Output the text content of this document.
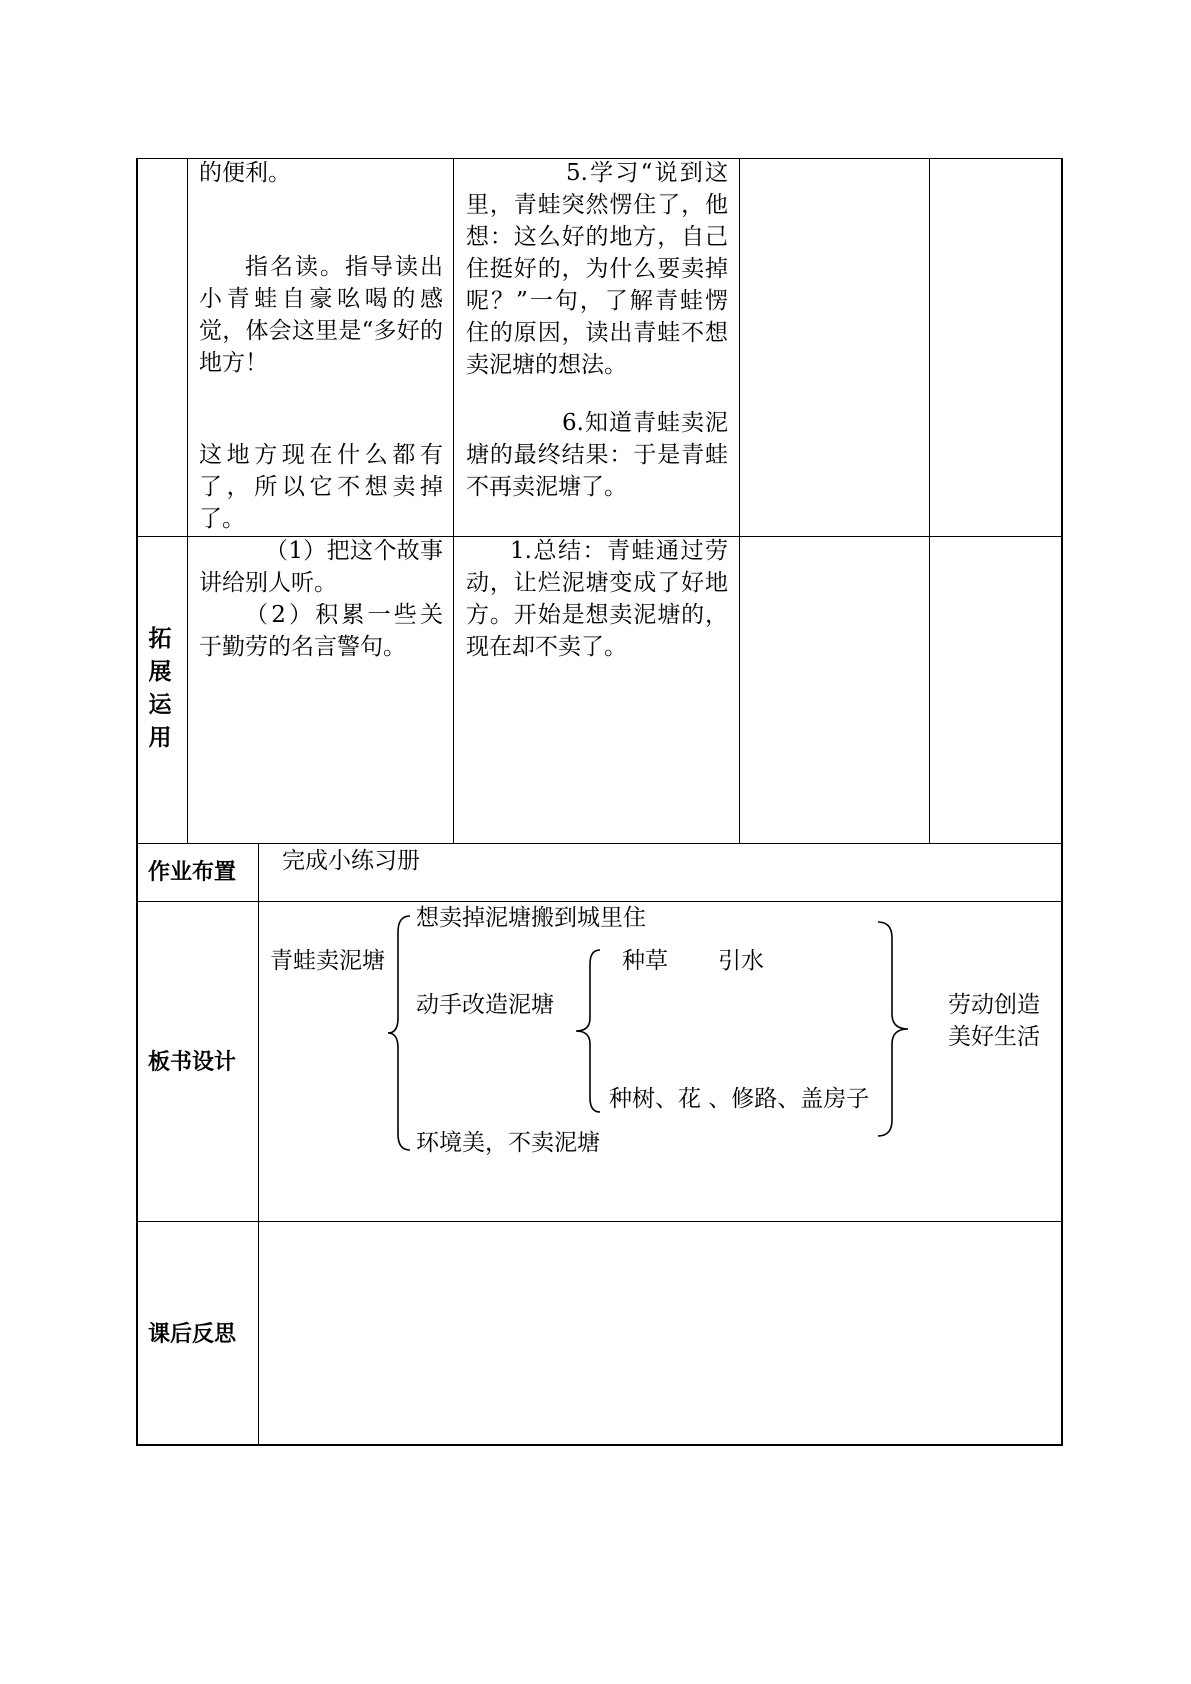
的便利。
指名读。指导读出小青蛙自豪吆喝的感觉，体会这里是“多好的地方！
这地方现在什么都有了，所以它不想卖掉了。
5.学习“说到这里，青蛙突然愣住了，他想：这么好的地方，自己住挺好的，为什么要卖掉呢？”一句，了解青蛙愣住的原因，读出青蛙不想卖泥塘的想法。
6.知道青蛙卖泥塘的最终结果：于是青蛙不再卖泥塘了。
拓展运用
（1）把这个故事讲给别人听。
（2）积累一些关于勤劳的名言警句。
1.总结：青蛙通过劳动，让烂泥塘变成了好地方。开始是想卖泥塘的，现在却不卖了。
作业布置 完成小练习册
板书设计
青蛙卖泥塘
想卖掉泥塘搬到城里住
动手改造泥塘
环境美，不卖泥塘
种草 引水
种树、花 、修路、盖房子
劳动创造
美好生活
课后反思
